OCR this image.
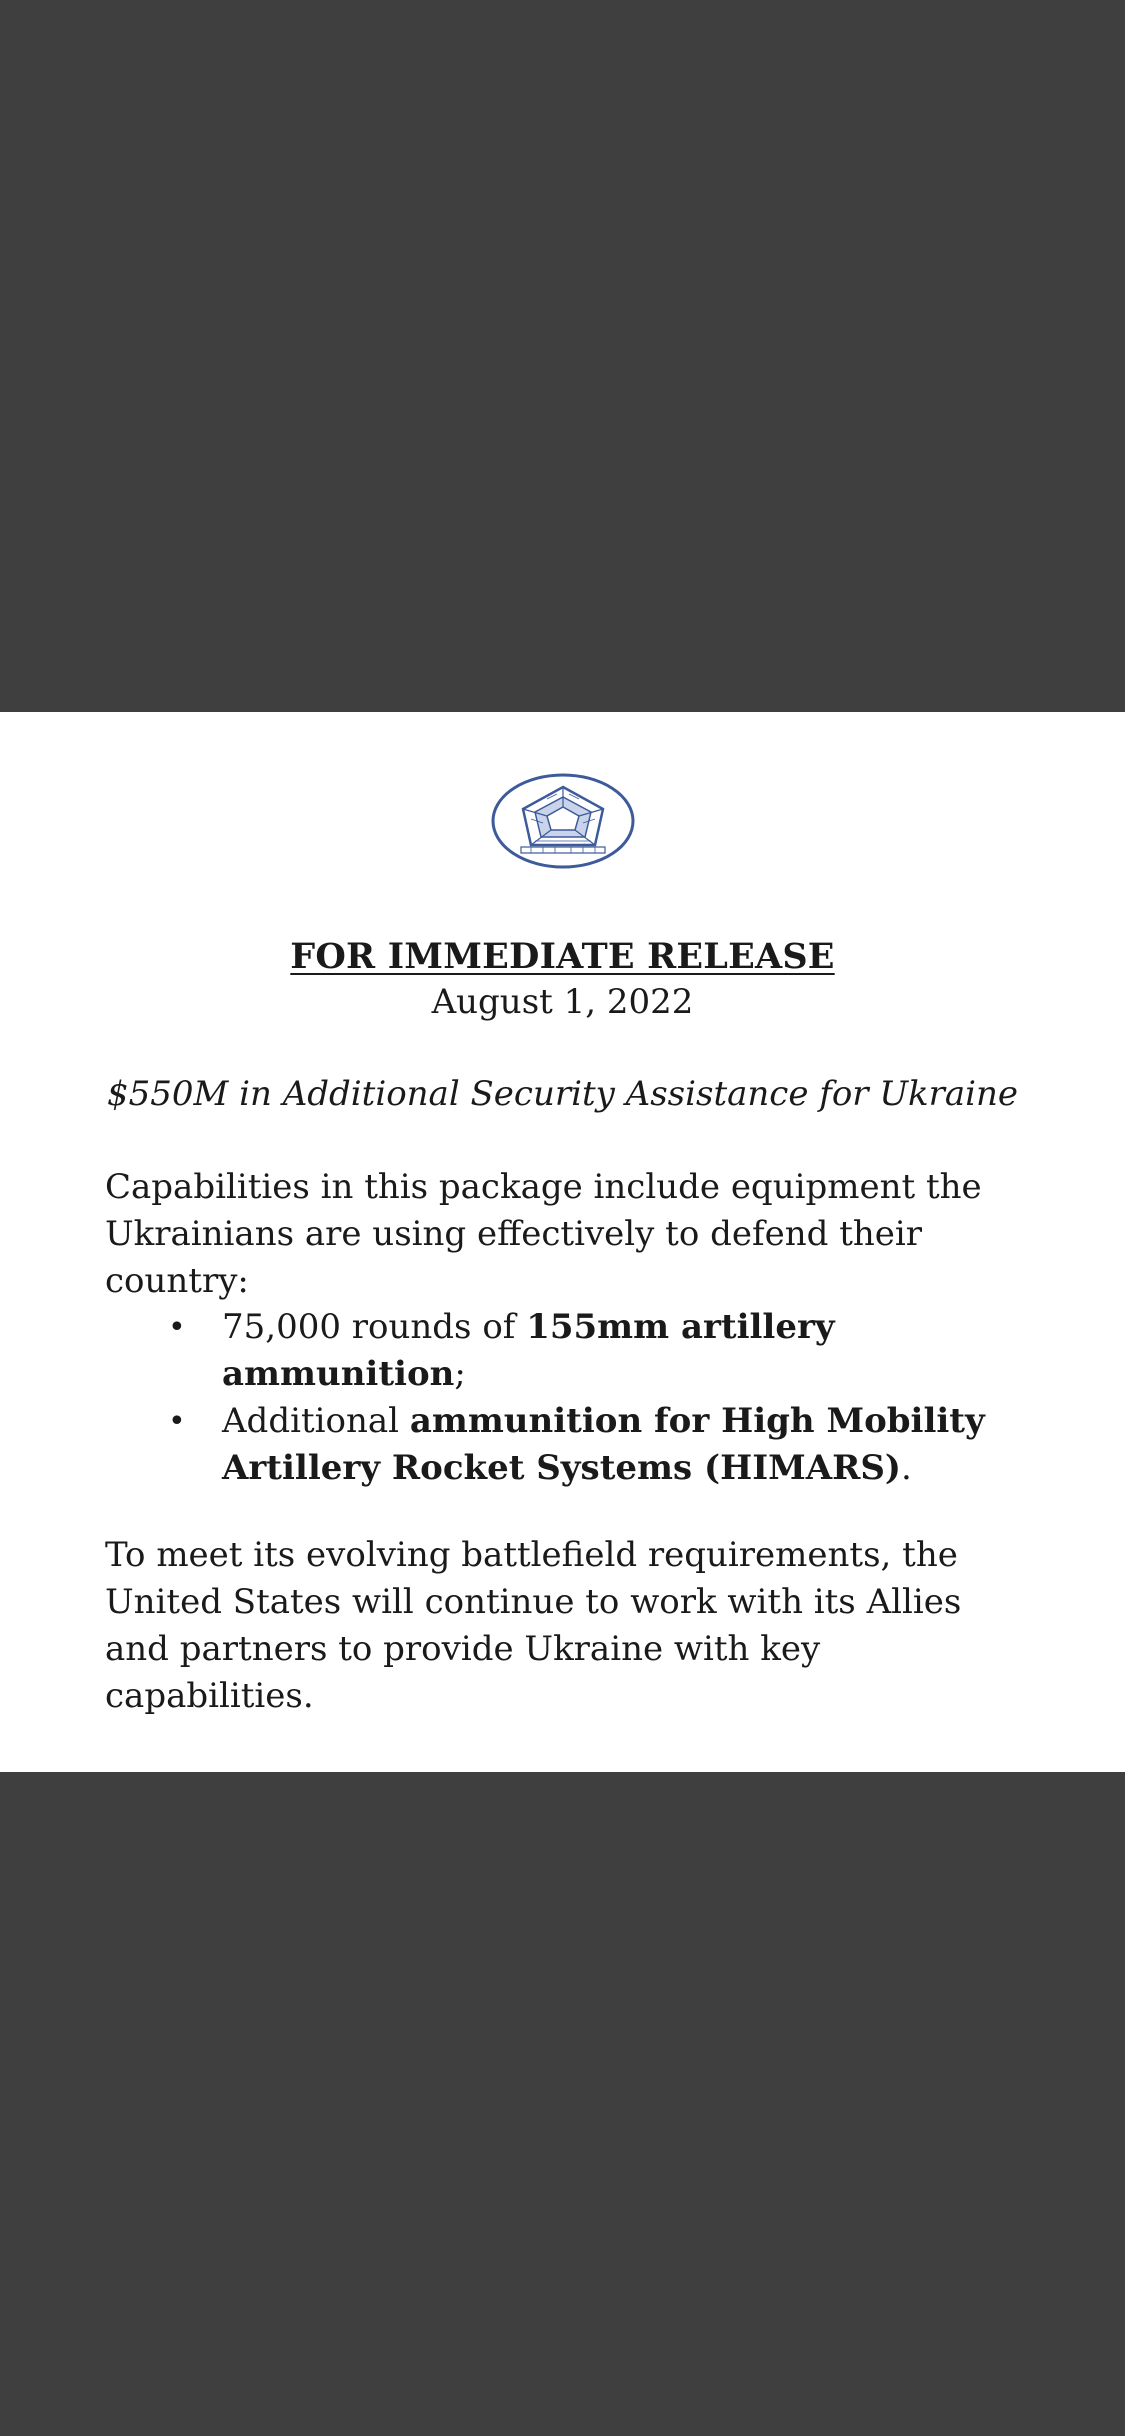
FOR IMMEDIATE RELEASE
August 1, 2022
$550M in Additional Security Assistance for Ukraine

Capabilities in this package include equipment the Ukrainians are using effectively to defend their country:

• 75,000 rounds of 155mm artillery ammunition;
• Additional ammunition for High Mobility Artillery Rocket Systems (HIMARS).

To meet its evolving battlefield requirements, the United States will continue to work with its Allies and partners to provide Ukraine with key capabilities.
